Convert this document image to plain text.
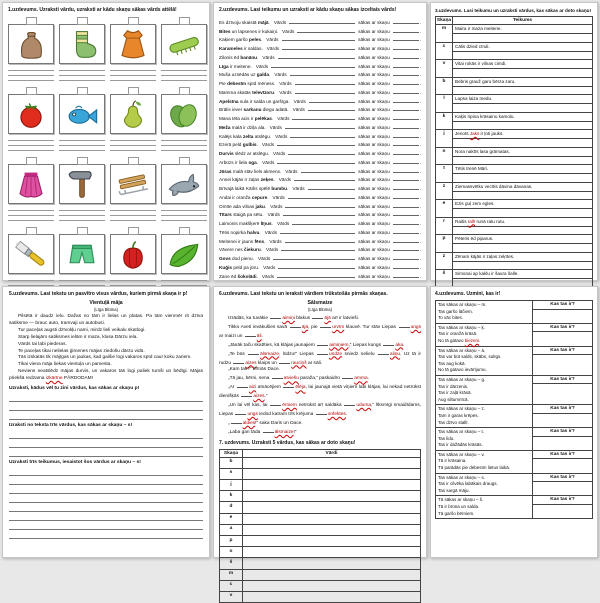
1.uzdevums. Uzraksti vārdu, uzraksti ar kādu skaņu sākas vārds attēlā!	2.uzdevums. Lasi teikumu un uzraksti ar kādu skaņu sākas izceltais vārds!
Es dzīvoju skaistā mājā. Vārds	sākas ar skaņu	.
Bites un lapsenes ir kukaiņi. Vārds	sākas ar skaņu	.
Kaķiem garšo peles. Vārds	sākas ar skaņu	.
Karameles ir saldas. Vārds	sākas ar skaņu	.
Zilonis ēd banānu. Vārds	sākas ar skaņu	.
Līga ir meitene. Vārds	sākas ar skaņu	.
Muša uzsēdās uz galda. Vārds	sākas ar skaņu	.
Pie debesīm spīd mēness. Vārds	sākas ar skaņu	.
Mamma skatās televīzoru. Vārds	sākas ar skaņu	.
Apelsīna sula ir salda un garšīga. Vārds	sākas ar skaņu	.
Brālis iever sarkanu diegu adatā. Vārds	sākas ar skaņu	.
Mana tēta acis ir pelēkas. Vārds	sākas ar skaņu	.
Meža malā ir dziļa ala. Vārds	sākas ar skaņu	.
Kalējs kala zelta atslēgu. Vārds	sākas ar skaņu	.
Ezerā peld gulbis. Vārds	sākas ar skaņu	.
Durvis slēdz ar atslēgu. Vārds	sākas ar skaņu	.
Arbūzs ir liela oga. Vārds	sākas ar skaņu	.
Jūras malā stāv liels akmens. Vārds	sākas ar skaņu	.
Annei kājās ir zaļas zeķes. Vārds	sākas ar skaņu	.
Brīvajā laikā Kārlis spēlē bumbu. Vārds	sākas ar skaņu	.
Andai ir oranža cepure. Vārds	sākas ar skaņu	.
Omīte ada vilnas jaku. Vārds	sākas ar skaņu	.
Tītars staigā pa sētu. Vārds	sākas ar skaņu	.
Laimonis makšķerē līņus. Vārds	sākas ar skaņu	.
Tētis nopirka halvu. Vārds	sākas ar skaņu	.
Meitenei ir jauns fēns. Vārds	sākas ar skaņu	.
Vāvere nes čiekuru. Vārds	sākas ar skaņu	.
Govs dod pienu. Vārds	sākas ar skaņu	.
Kuģis peld pa jūru. Vārds	sākas ar skaņu	.
Zane ēd šokolādi. Vārds	sākas ar skaņu	.
3.uzdevums. Lasi teikumu un uzraksti vārdus, kas sākas ar doto skaņu!
Skaņa	Teikums
m	Maira ir maza meitene.
c	Cālis dzied cīruli.
v	Vitai rokās ir vilnas cimdi.
b	Bebris grauž garu bērza zaru.
l	Lapsa laiza medu.
k	Kaķis ripina krāsainu kamolu.
j	Jenots Jaks ir ļoti jauks.
n	Nora naktīs lasa grāmatas.
t	Tētis trenē Māri.
z	Ziemassvētku vecītis dāvina dāvanas.
e	Ezis guļ zem egles.
r	Raitis rallī runā ratu rutu.
p	Pēteris ēd piparus.
z	Zēnam kājās ir zaļas zeķītes.
š	Simonai ap kaklu ir šaura šalle.
5.uzdevums. Lasi tekstu un pasvītro visus vārdus, kuriem pirmā skaņa ir p!
Vientuļā māja
(Līga Blūma)
Pilsētā ir daudz ielu. Dažas no tām ir lielas un platas. Pa tām vienmēr rit dzīva satiksme — brauc auto, tramvaji un autobusi.
Tur paceļas augsti dzīvokļu nami, mirdz lieli veikalu skatlogi.
Starp lielajām satiksmes ielām ir maza, klusa Dārzu iela.
Vārds tai labi piederas.
Te paceļas tikai nelielas ģimenes mājas ziedošu dārzu vidū.
Tās izskatās tik mājīgas un jaukas, kad gaišie logi vakaros spīd caur koku zariem.
Tikai viena māja liekas vientuļa un pamesta.
Neviens neatslēdz mājas durvis, un vakaros tās logi paliek tumši un bēdīgi. Mājas priekšā redzama izkārtne PĀRDODAM!
Uzraksti, kādus vēl tu zini vārdus, kas sākas ar skaņu p!
Izraksti no teksta trīs vārdus, kas sākas ar skaņu – s!
Uzraksti trīs teikumus, iesaistot šos vārdus ar skaņu – s!
6.uzdevums. Lasi tekstu un ieraksti vārdiem trūkstošās pirmās skaņas.
Sālsmaize
(Līga Blūma)
Izrādās, ka tuvākie	aimiņi blakus	ājā arī ir latvieši.
Tikko Aveti ievākušies savā	ājā, pie	urvīm klauvē. Tur stāv Liepas	ungs ar maizi un	āli.
„Jānāk taču skatīties, kā klājas jaunajiem	aimiņiem,“ Liepas kungs	aka.
„Te būs	ālsmaize, lūdzu!“ Liepas	undze sniedz nelielu	aliņu. Uz tā ir rudzu	aizes klaips un	rauciņš ar sāli.
„Kam tas?“ brīnās Dace.
„Tā jau, bērni, sena	atviešu paraža,“ paskaidro	amma.
„Ar	aizi atnācējiem	ēlēja, lai jaunajā vietā viņiem labi klājas, lai nekad netrūkst dienišķās	aizes.“
„Un lai vēl kas, lai	ērniem netrūkst arī saldāka	uduma,“ līksmīgi smaidīdams, Liepas	ungs iedod katram trīs krējuma	onfektes.
„	aldies!“ saka Daris un Dace.
„Laba gan tāda	ālsmaize!“
7. uzdevums. Uzraksti 5 vārdus, kas sākas ar doto skaņu!
Skaņa	Vārdi
b
s
j
k
d
e
a
p
o
š
m
c
v
4.uzdevums. Uzmini, kas ir!
Tas sākas ar skaņu – m.
Tas garšo lāčiem.
To vāc bites.
Kas tas ir?
Tas sākas ar skaņu – ķ.
Tas ir oranžā krāsā.
No tā gatavo biezeni.
Kas tas ir?
Tas sākas ar skaņu – ā.
Tas var būt salds, skābs, sulīgs.
Tas aug kokā.
No tā gatavo ievārījumu.
Kas tas ir?
Tas sākas ar skaņu – g.
Tas ir dārzenis.
Tas ir zaļā krāsā.
Aug siltumnīcā.
Kas tas ir?
Tas sākas ar skaņu – z.
Tam ir garas krēpes.
Tas dzīvo stallī.
Kas tas ir?
Tas sākas ar skaņu – t.
Tas lido.
Tas ir dažādās krāsās.
Kas tas ir?
Tas sākas ar skaņu – v.
Tā ir krāsaina.
Tā parādās pie debesīm lietus laikā.
Kas tas ir?
Tas sākas ar skaņu – s.
Tas ir cilvēka labākais draugs.
Tas sargā māju.
Kas tas ir?
Tā sākas ar skaņu – š.
Tā ir brūna un salda.
Tā garšo bērniem.
Kas tas ir?
